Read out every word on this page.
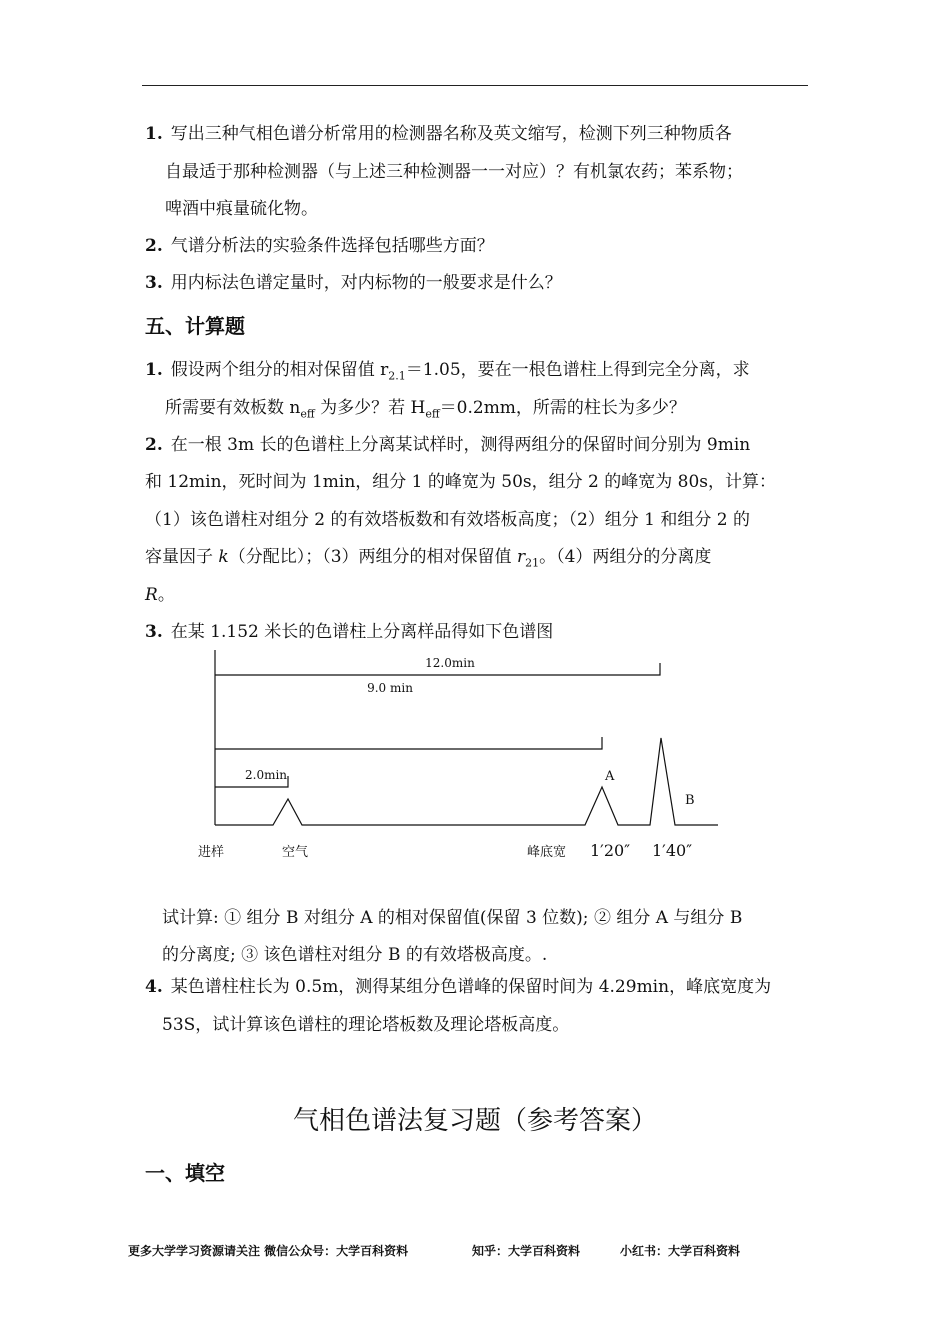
1. 写出三种气相色谱分析常用的检测器名称及英文缩写，检测下列三种物质各
自最适于那种检测器（与上述三种检测器一一对应）？有机氯农药；苯系物；
啤酒中痕量硫化物。
2. 气谱分析法的实验条件选择包括哪些方面？
3. 用内标法色谱定量时，对内标物的一般要求是什么？
五、计算题
1. 假设两个组分的相对保留值 $r_{2.1}=1.05$，要在一根色谱柱上得到完全分离，求
所需要有效板数 $n_{eff}$ 为多少？若 $H_{eff}=0.2mm$，所需的柱长为多少？
2. 在一根 3m 长的色谱柱上分离某试样时，测得两组分的保留时间分别为 9min
和 12min，死时间为 1min，组分 1 的峰宽为 50s，组分 2 的峰宽为 80s，计算：
（1）该色谱柱对组分 2 的有效塔板数和有效塔板高度；（2）组分 1 和组分 2 的
容量因子 k（分配比）；（3）两组分的相对保留值 $r_{21}$。（4）两组分的分离度
R。
3. 在某 1.152 米长的色谱柱上分离样品得如下色谱图
12.0min
9.0 min
2.0min	A
B
进样	空气	峰底宽 1′20″ 1′40″
试计算: ① 组分 B 对组分 A 的相对保留值(保留 3 位数); ② 组分 A 与组分 B
的分离度; ③ 该色谱柱对组分 B 的有效塔极高度。.
4. 某色谱柱柱长为 0.5m，测得某组分色谱峰的保留时间为 4.29min，峰底宽度为
53S，试计算该色谱柱的理论塔板数及理论塔板高度。
气相色谱法复习题（参考答案）
一、填空
更多大学学习资源请关注 微信公众号：大学百科资料	知乎：大学百科资料	小红书：大学百科资料
